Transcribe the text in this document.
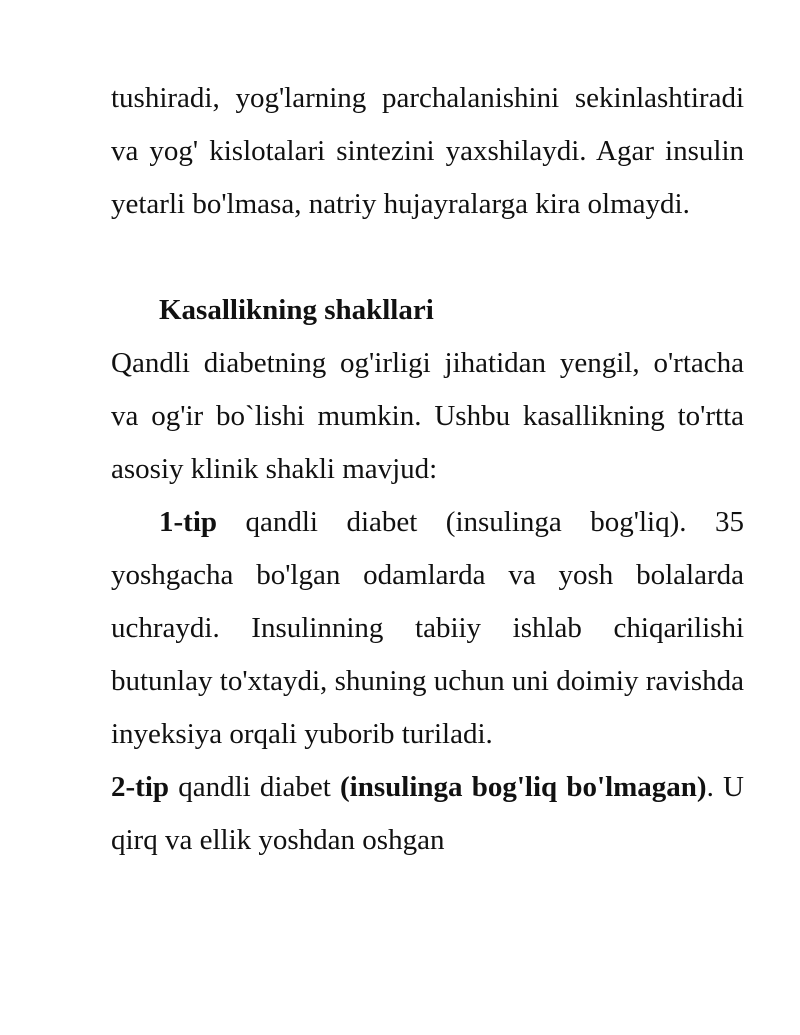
tushiradi, yog'larning parchalanishini sekinlashtiradi va yog' kislotalari sintezini yaxshilaydi. Agar insulin yetarli bo'lmasa, natriy hujayralarga kira olmaydi.

Kasallikning shakllari

Qandli diabetning og'irligi jihatidan yengil, o'rtacha va og'ir bo`lishi mumkin. Ushbu kasallikning to'rtta asosiy klinik shakli mavjud:

1-tip qandli diabet (insulinga bog'liq). 35 yoshgacha bo'lgan odamlarda va yosh bolalarda uchraydi. Insulinning tabiiy ishlab chiqarilishi butunlay to'xtaydi, shuning uchun uni doimiy ravishda inyeksiya orqali yuborib turiladi.

2-tip qandli diabet (insulinga bog'liq bo'lmagan). U qirq va ellik yoshdan oshgan
